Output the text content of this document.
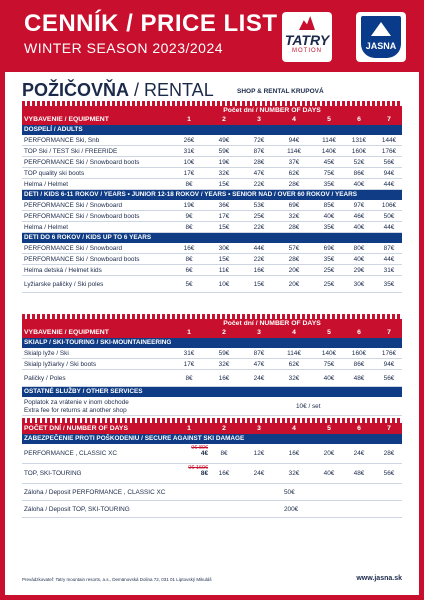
CENNÍK / PRICE LIST
WINTER SEASON 2023/2024	TATRY
MOTION	JASNA
POŽIČOVŇA / RENTAL	SHOP & RENTAL KRUPOVÁ
Počet dní / NUMBER OF DAYS
VYBAVENIE / EQUIPMENT	1	2	3	4	5	6	7
DOSPELÍ / ADULTS
PERFORMANCE Ski, Snb	26€	49€	72€	94€	114€	131€	144€
TOP Ski / TEST Ski / FREERIDE	31€	59€	87€	114€	140€	160€	176€
PERFORMANCE Ski / Snowboard boots	10€	19€	28€	37€	45€	52€	56€
TOP quality ski boots	17€	32€	47€	62€	75€	86€	94€
Helma / Helmet	8€	15€	22€	28€	35€	40€	44€
DETI / KIDS 6-11 ROKOV / YEARS • JUNIOR 12-18 ROKOV / YEARS • SENIOR NAD / OVER 60 ROKOV / YEARS
PERFORMANCE Ski / Snowboard	19€	36€	53€	69€	85€	97€	106€
PERFORMANCE Ski / Snowboard boots	9€	17€	25€	32€	40€	46€	50€
Helma / Helmet	8€	15€	22€	28€	35€	40€	44€
DETI DO 6 ROKOV / KIDS UP TO 6 YEARS
PERFORMANCE Ski / Snowboard	16€	30€	44€	57€	69€	80€	87€
PERFORMANCE Ski / Snowboard boots	8€	15€	22€	28€	35€	40€	44€
Helma detská / Helmet kids	6€	11€	16€	20€	25€	29€	31€
Lyžiarske paličky / Ski poles	5€	10€	15€	20€	25€	30€	35€
Počet dní / NUMBER OF DAYS
VYBAVENIE / EQUIPMENT	1	2	3	4	5	6	7
SKIALP / SKI-TOURING / SKI-MOUNTAINEERING
Skialp lyže / Ski	31€	59€	87€	114€	140€	160€	176€
Skialp lyžiarky / Ski boots	17€	32€	47€	62€	75€	86€	94€
Paličky / Poles	8€	16€	24€	32€	40€	48€	56€
OSTATNÉ SLUŽBY / OTHER SERVICES
Poplatok za vrátenie v inom obchode
Extra fee for returns at another shop
10€ / set
POČET DNÍ / NUMBER OF DAYS	1	2	3	4	5	6	7
ZABEZPEČENIE PROTI POŠKODENIU / SECURE AGAINST SKI DAMAGE
PERFORMANCE , CLASSIC XC
0€-80€
4€	8€	12€	16€	20€	24€	28€
TOP, SKI-TOURING
0€-160€
8€	16€	24€	32€	40€	48€	56€
Záloha / Deposit PERFORMANCE , CLASSIC XC	50€
Záloha / Deposit TOP, SKI-TOURING	200€
Prevádzkovateľ: Tatry mountain resorts, a.s., Demänovská Dolina 72, 031 01 Liptovský Mikuláš	www.jasna.sk
